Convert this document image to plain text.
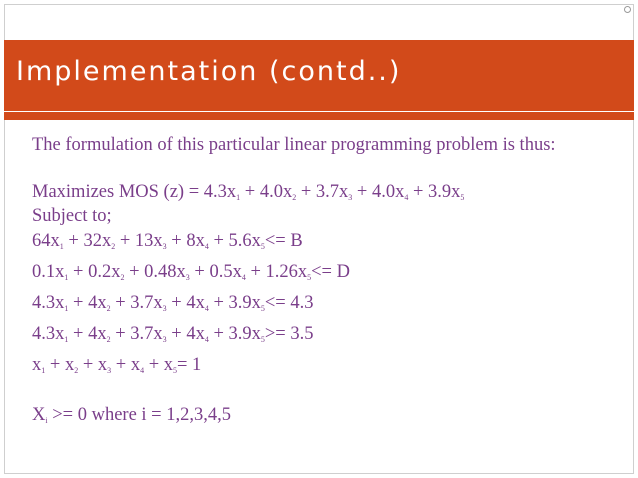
Implementation (contd..)
The formulation of this particular linear programming problem is thus:
Maximizes MOS $(z) = 4.3x_1 + 4.0x_2 + 3.7x_3 + 4.0x_4 + 3.9x_5$
Subject to;
$64x_1 + 32x_2 + 13x_3 + 8x_4 + 5.6x_5<= B$
$0.1x_1 + 0.2x_2 + 0.48x_3 + 0.5x_4 + 1.26x_5<= D$
$4.3x_1 + 4x_2 + 3.7x_3 + 4x_4 + 3.9x_5<= 4.3$
$4.3x_1 + 4x_2 + 3.7x_3 + 4x_4 + 3.9x_5>= 3.5$
$x_1 + x_2 + x_3 + x_4 + x_5= 1$
$X_i >= 0$ where i = 1,2,3,4,5
